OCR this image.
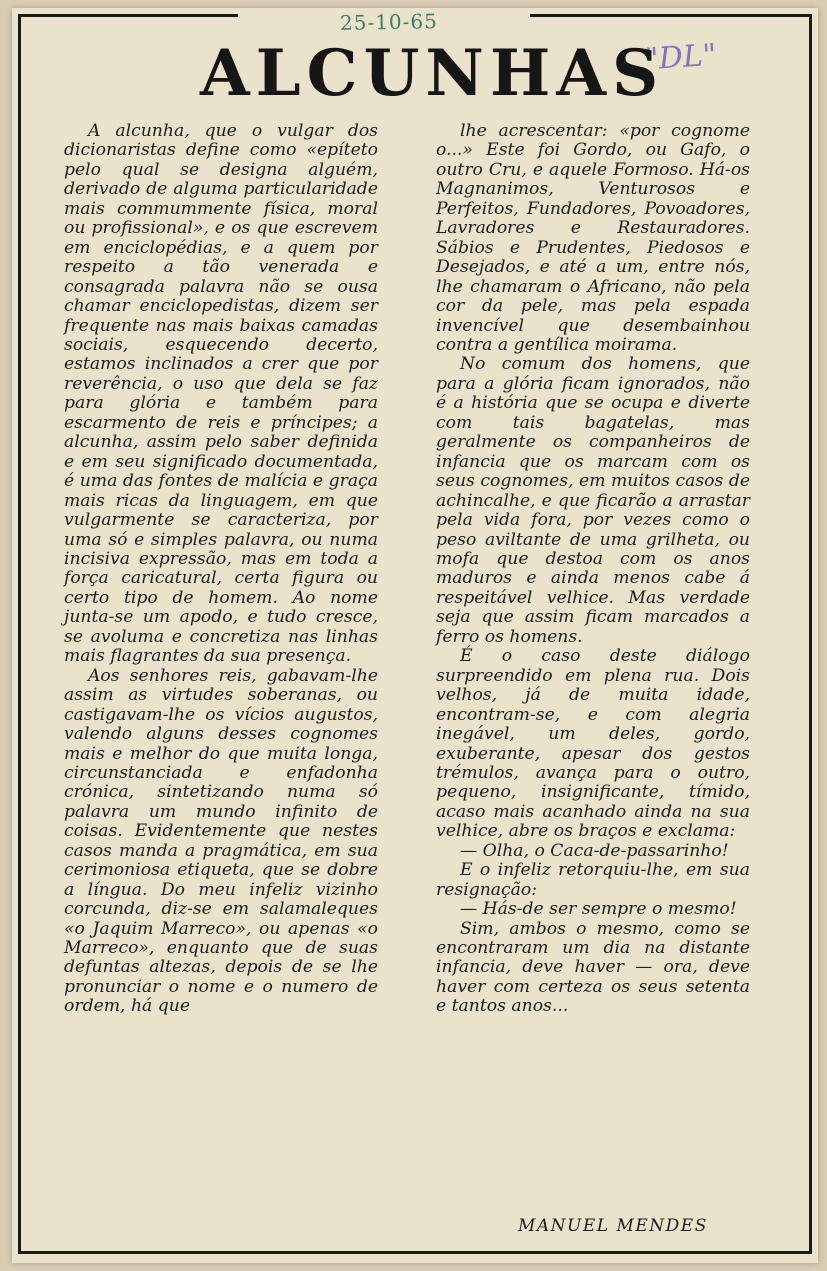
25-10-65
"DL"
ALCUNHAS

A alcunha, que o vulgar dos dicionaristas define como «epíteto pelo qual se designa alguém, derivado de alguma particularidade mais commummente física, moral ou profissional», e os que escrevem em enciclopédias, e a quem por respeito a tão venerada e consagrada palavra não se ousa chamar enciclopedistas, dizem ser frequente nas mais baixas camadas sociais, esquecendo decerto, estamos inclinados a crer que por reverência, o uso que dela se faz para glória e também para escarmento de reis e príncipes; a alcunha, assim pelo saber definida e em seu significado documentada, é uma das fontes de malícia e graça mais ricas da linguagem, em que vulgarmente se caracteriza, por uma só e simples palavra, ou numa incisiva expressão, mas em toda a força caricatural, certa figura ou certo tipo de homem. Ao nome junta-se um apodo, e tudo cresce, se avoluma e concretiza nas linhas mais flagrantes da sua presença.

Aos senhores reis, gabavam-lhe assim as virtudes soberanas, ou castigavam-lhe os vícios augustos, valendo alguns desses cognomes mais e melhor do que muita longa, circunstanciada e enfadonha crónica, sintetizando numa só palavra um mundo infinito de coisas. Evidentemente que nestes casos manda a pragmática, em sua cerimoniosa etiqueta, que se dobre a língua. Do meu infeliz vizinho corcunda, diz-se em salamaleques «o Jaquim Marreco», ou apenas «o Marreco», enquanto que de suas defuntas altezas, depois de se lhe pronunciar o nome e o numero de ordem, há que

lhe acrescentar: «por cognome o...» Este foi Gordo, ou Gafo, o outro Cru, e aquele Formoso. Há-os Magnanimos, Venturosos e Perfeitos, Fundadores, Povoadores, Lavradores e Restauradores. Sábios e Prudentes, Piedosos e Desejados, e até a um, entre nós, lhe chamaram o Africano, não pela cor da pele, mas pela espada invencível que desembainhou contra a gentílica moirama.

No comum dos homens, que para a glória ficam ignorados, não é a história que se ocupa e diverte com tais bagatelas, mas geralmente os companheiros de infancia que os marcam com os seus cognomes, em muitos casos de achincalhe, e que ficarão a arrastar pela vida fora, por vezes como o peso aviltante de uma grilheta, ou mofa que destoa com os anos maduros e ainda menos cabe á respeitável velhice. Mas verdade seja que assim ficam marcados a ferro os homens.

É o caso deste diálogo surpreendido em plena rua. Dois velhos, já de muita idade, encontram-se, e com alegria inegável, um deles, gordo, exuberante, apesar dos gestos trémulos, avança para o outro, pequeno, insignificante, tímido, acaso mais acanhado ainda na sua velhice, abre os braços e exclama:

— Olha, o Caca-de-passarinho!

E o infeliz retorquiu-lhe, em sua resignação:

— Hás-de ser sempre o mesmo!

Sim, ambos o mesmo, como se encontraram um dia na distante infancia, deve haver — ora, deve haver com certeza os seus setenta e tantos anos...

MANUEL MENDES
